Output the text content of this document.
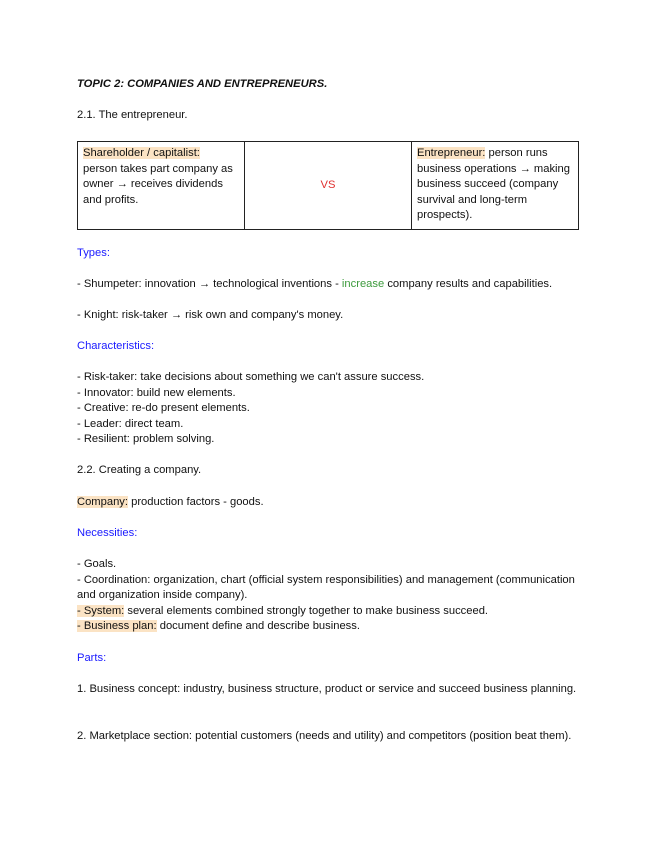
TOPIC 2: COMPANIES AND ENTREPRENEURS.

2.1. The entrepreneur.

Shareholder / capitalist:
person takes part company as owner → receives dividends and profits.	VS	Entrepreneur: person runs business operations → making business succeed (company survival and long-term prospects).

Types:

- Shumpeter: innovation → technological inventions - increase company results and capabilities.

- Knight: risk-taker → risk own and company's money.

Characteristics:

- Risk-taker: take decisions about something we can't assure success.
- Innovator: build new elements.
- Creative: re-do present elements.
- Leader: direct team.
- Resilient: problem solving.

2.2. Creating a company.

Company: production factors - goods.

Necessities:

- Goals.
- Coordination: organization, chart (official system responsibilities) and management (communication and organization inside company).
- System: several elements combined strongly together to make business succeed.
- Business plan: document define and describe business.

Parts:

1. Business concept: industry, business structure, product or service and succeed business planning.

2. Marketplace section: potential customers (needs and utility) and competitors (position beat them).
